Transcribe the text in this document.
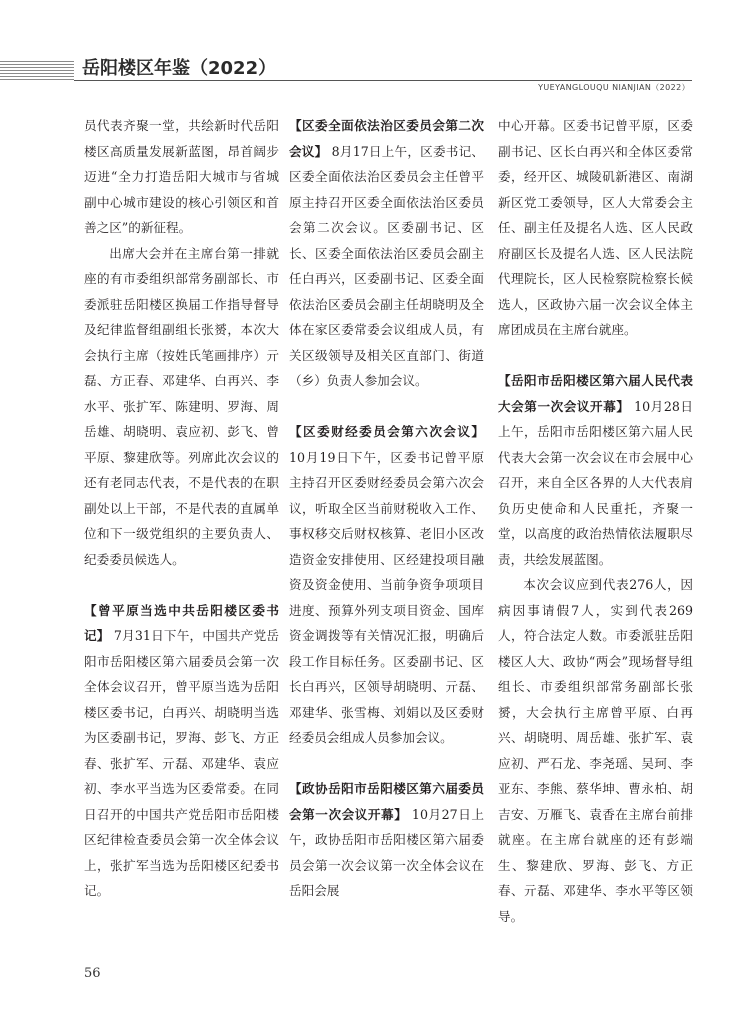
岳阳楼区年鉴（2022）
YUEYANGLOUQU NIANJIAN（2022）

员代表齐聚一堂，共绘新时代岳阳楼区高质量发展新蓝图，昂首阔步迈进“全力打造岳阳大城市与省城副中心城市建设的核心引领区和首善之区”的新征程。

出席大会并在主席台第一排就座的有市委组织部常务副部长、市委派驻岳阳楼区换届工作指导督导及纪律监督组副组长张赟，本次大会执行主席（按姓氏笔画排序）亓磊、方正春、邓建华、白再兴、李水平、张扩军、陈建明、罗海、周岳雄、胡晓明、袁应初、彭飞、曾平原、黎建欣等。列席此次会议的还有老同志代表，不是代表的在职副处以上干部，不是代表的直属单位和下一级党组织的主要负责人、纪委委员候选人。

【曾平原当选中共岳阳楼区委书记】 7月31日下午，中国共产党岳阳市岳阳楼区第六届委员会第一次全体会议召开，曾平原当选为岳阳楼区委书记，白再兴、胡晓明当选为区委副书记，罗海、彭飞、方正春、张扩军、亓磊、邓建华、袁应初、李水平当选为区委常委。在同日召开的中国共产党岳阳市岳阳楼区纪律检查委员会第一次全体会议上，张扩军当选为岳阳楼区纪委书记。

【区委全面依法治区委员会第二次会议】 8月17日上午，区委书记、区委全面依法治区委员会主任曾平原主持召开区委全面依法治区委员会第二次会议。区委副书记、区长、区委全面依法治区委员会副主任白再兴，区委副书记、区委全面依法治区委员会副主任胡晓明及全体在家区委常委会议组成人员，有关区级领导及相关区直部门、街道（乡）负责人参加会议。

【区委财经委员会第六次会议】 10月19日下午，区委书记曾平原主持召开区委财经委员会第六次会议，听取全区当前财税收入工作、事权移交后财权核算、老旧小区改造资金安排使用、区经建投项目融资及资金使用、当前争资争项项目进度、预算外列支项目资金、国库资金调拨等有关情况汇报，明确后段工作目标任务。区委副书记、区长白再兴，区领导胡晓明、亓磊、邓建华、张雪梅、刘娟以及区委财经委员会组成人员参加会议。

【政协岳阳市岳阳楼区第六届委员会第一次会议开幕】 10月27日上午，政协岳阳市岳阳楼区第六届委员会第一次会议第一次全体会议在岳阳会展

中心开幕。区委书记曾平原，区委副书记、区长白再兴和全体区委常委，经开区、城陵矶新港区、南湖新区党工委领导，区人大常委会主任、副主任及提名人选、区人民政府副区长及提名人选、区人民法院代理院长，区人民检察院检察长候选人，区政协六届一次会议全体主席团成员在主席台就座。

【岳阳市岳阳楼区第六届人民代表大会第一次会议开幕】 10月28日上午，岳阳市岳阳楼区第六届人民代表大会第一次会议在市会展中心召开，来自全区各界的人大代表肩负历史使命和人民重托，齐聚一堂，以高度的政治热情依法履职尽责，共绘发展蓝图。

本次会议应到代表276人，因病因事请假7人，实到代表269人，符合法定人数。市委派驻岳阳楼区人大、政协“两会”现场督导组组长、市委组织部常务副部长张赟，大会执行主席曾平原、白再兴、胡晓明、周岳雄、张扩军、袁应初、严石龙、李尧瑶、吴珂、李亚东、李熊、蔡华坤、曹永柏、胡吉安、万雁飞、袁香在主席台前排就座。在主席台就座的还有彭端生、黎建欣、罗海、彭飞、方正春、亓磊、邓建华、李水平等区领导。

56
